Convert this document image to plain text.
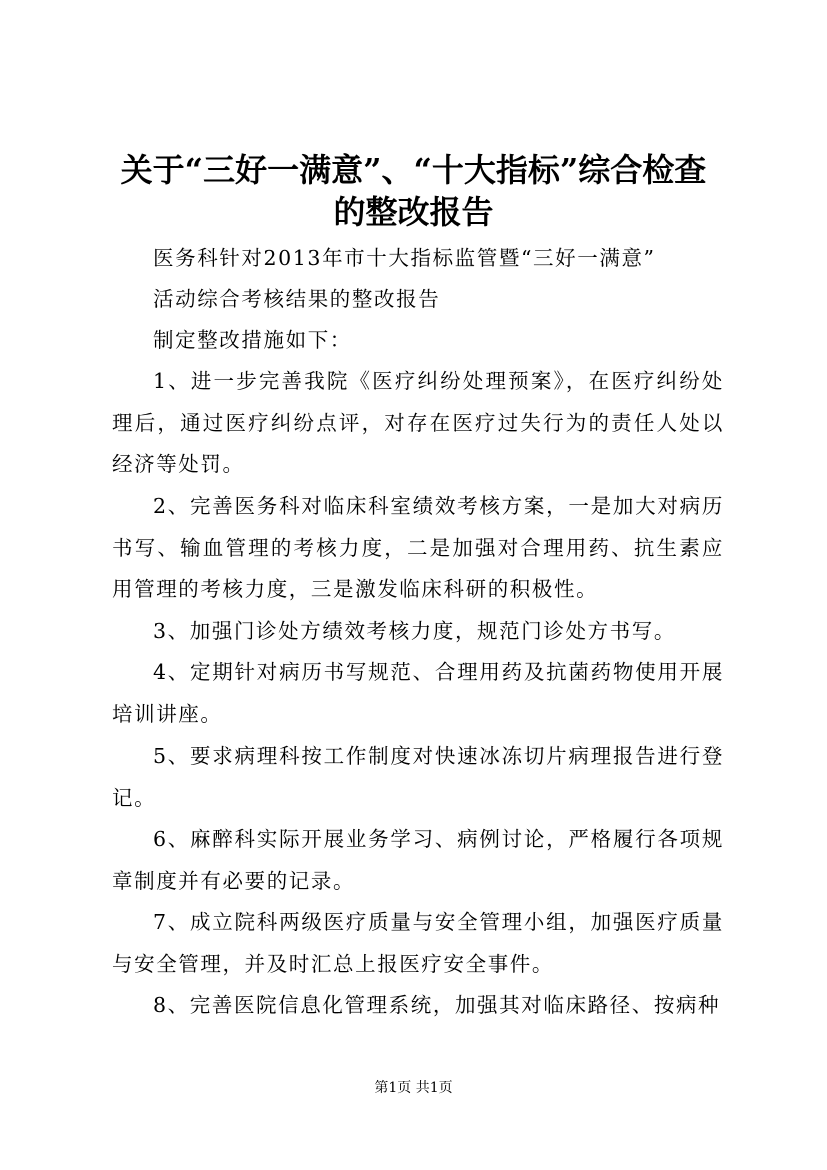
关于“三好一满意”、“十大指标”综合检查
的整改报告

医务科针对2013年市十大指标监管暨“三好一满意”

活动综合考核结果的整改报告

制定整改措施如下：

1、进一步完善我院《医疗纠纷处理预案》，在医疗纠纷处理后，通过医疗纠纷点评，对存在医疗过失行为的责任人处以经济等处罚。

2、完善医务科对临床科室绩效考核方案，一是加大对病历书写、输血管理的考核力度，二是加强对合理用药、抗生素应用管理的考核力度，三是激发临床科研的积极性。

3、加强门诊处方绩效考核力度，规范门诊处方书写。

4、定期针对病历书写规范、合理用药及抗菌药物使用开展培训讲座。

5、要求病理科按工作制度对快速冰冻切片病理报告进行登记。

6、麻醉科实际开展业务学习、病例讨论，严格履行各项规章制度并有必要的记录。

7、成立院科两级医疗质量与安全管理小组，加强医疗质量与安全管理，并及时汇总上报医疗安全事件。

8、完善医院信息化管理系统，加强其对临床路径、按病种

第1页 共1页
